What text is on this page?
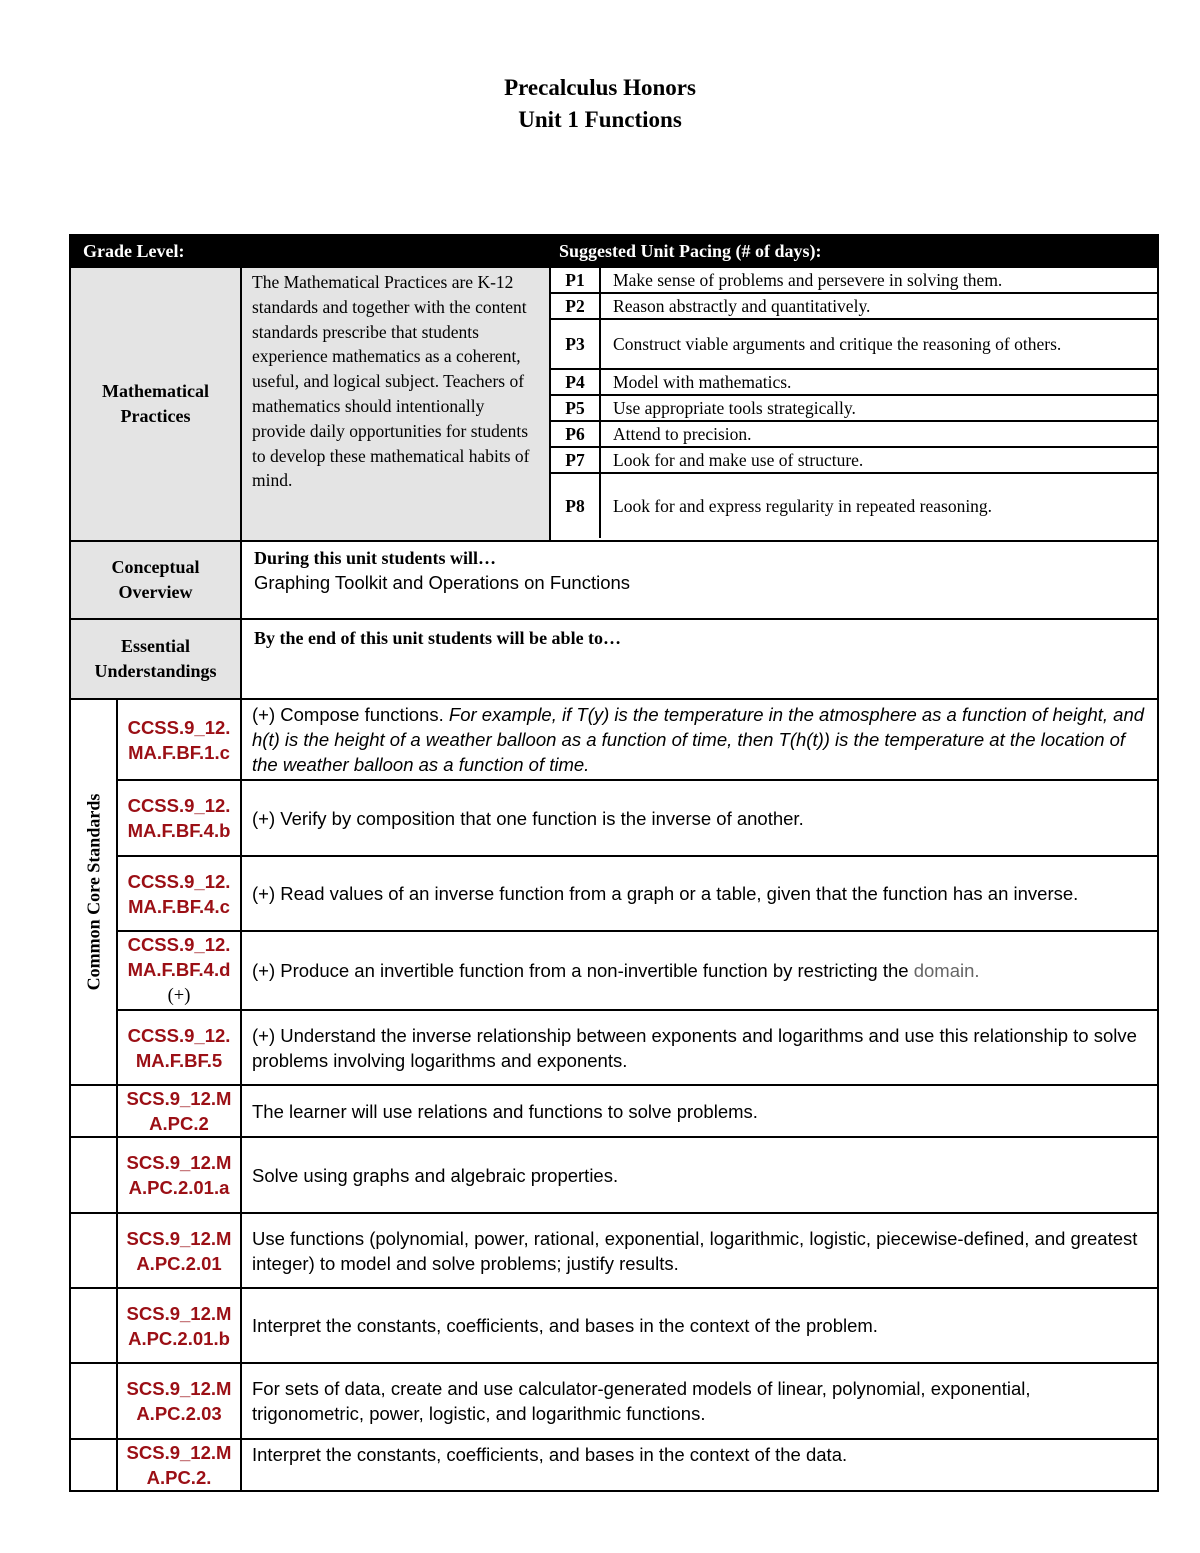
Precalculus Honors
Unit 1 Functions
Grade Level:	Suggested Unit Pacing (# of days):
Mathematical
Practices	The Mathematical Practices are K-12 standards and together with the content standards prescribe that students experience mathematics as a coherent, useful, and logical subject. Teachers of mathematics should intentionally provide daily opportunities for students to develop these mathematical habits of mind.	
P1	Make sense of problems and persevere in solving them.
P2	Reason abstractly and quantitatively.
P3	Construct viable arguments and critique the reasoning of others.
P4	Model with mathematics.
P5	Use appropriate tools strategically.
P6	Attend to precision.
P7	Look for and make use of structure.
P8	Look for and express regularity in repeated reasoning.

Conceptual
Overview	
During this unit students will…
Graphing Toolkit and Operations on Functions

Essential
Understandings	
By the end of this unit students will be able to…

Common Core Standards
	CCSS.9_12.MA.F.BF.1.c	(+) Compose functions. For example, if T(y) is the temperature in the atmosphere as a function of height, and h(t) is the height of a weather balloon as a function of time, then T(h(t)) is the temperature at the location of the weather balloon as a function of time.
CCSS.9_12.MA.F.BF.4.b	(+) Verify by composition that one function is the inverse of another.
CCSS.9_12.MA.F.BF.4.c	(+) Read values of an inverse function from a graph or a table, given that the function has an inverse.
CCSS.9_12.MA.F.BF.4.d (+)	(+) Produce an invertible function from a non-invertible function by restricting the domain.
CCSS.9_12.MA.F.BF.5	(+) Understand the inverse relationship between exponents and logarithms and use this relationship to solve problems involving logarithms and exponents.
	SCS.9_12.MA.PC.2	The learner will use relations and functions to solve problems.
	SCS.9_12.MA.PC.2.01.a	Solve using graphs and algebraic properties.
	SCS.9_12.MA.PC.2.01	Use functions (polynomial, power, rational, exponential, logarithmic, logistic, piecewise-defined, and greatest integer) to model and solve problems; justify results.
	SCS.9_12.MA.PC.2.01.b	Interpret the constants, coefficients, and bases in the context of the problem.
	SCS.9_12.MA.PC.2.03	For sets of data, create and use calculator-generated models of linear, polynomial, exponential, trigonometric, power, logistic, and logarithmic functions.
	SCS.9_12.MA.PC.2.	Interpret the constants, coefficients, and bases in the context of the data.
